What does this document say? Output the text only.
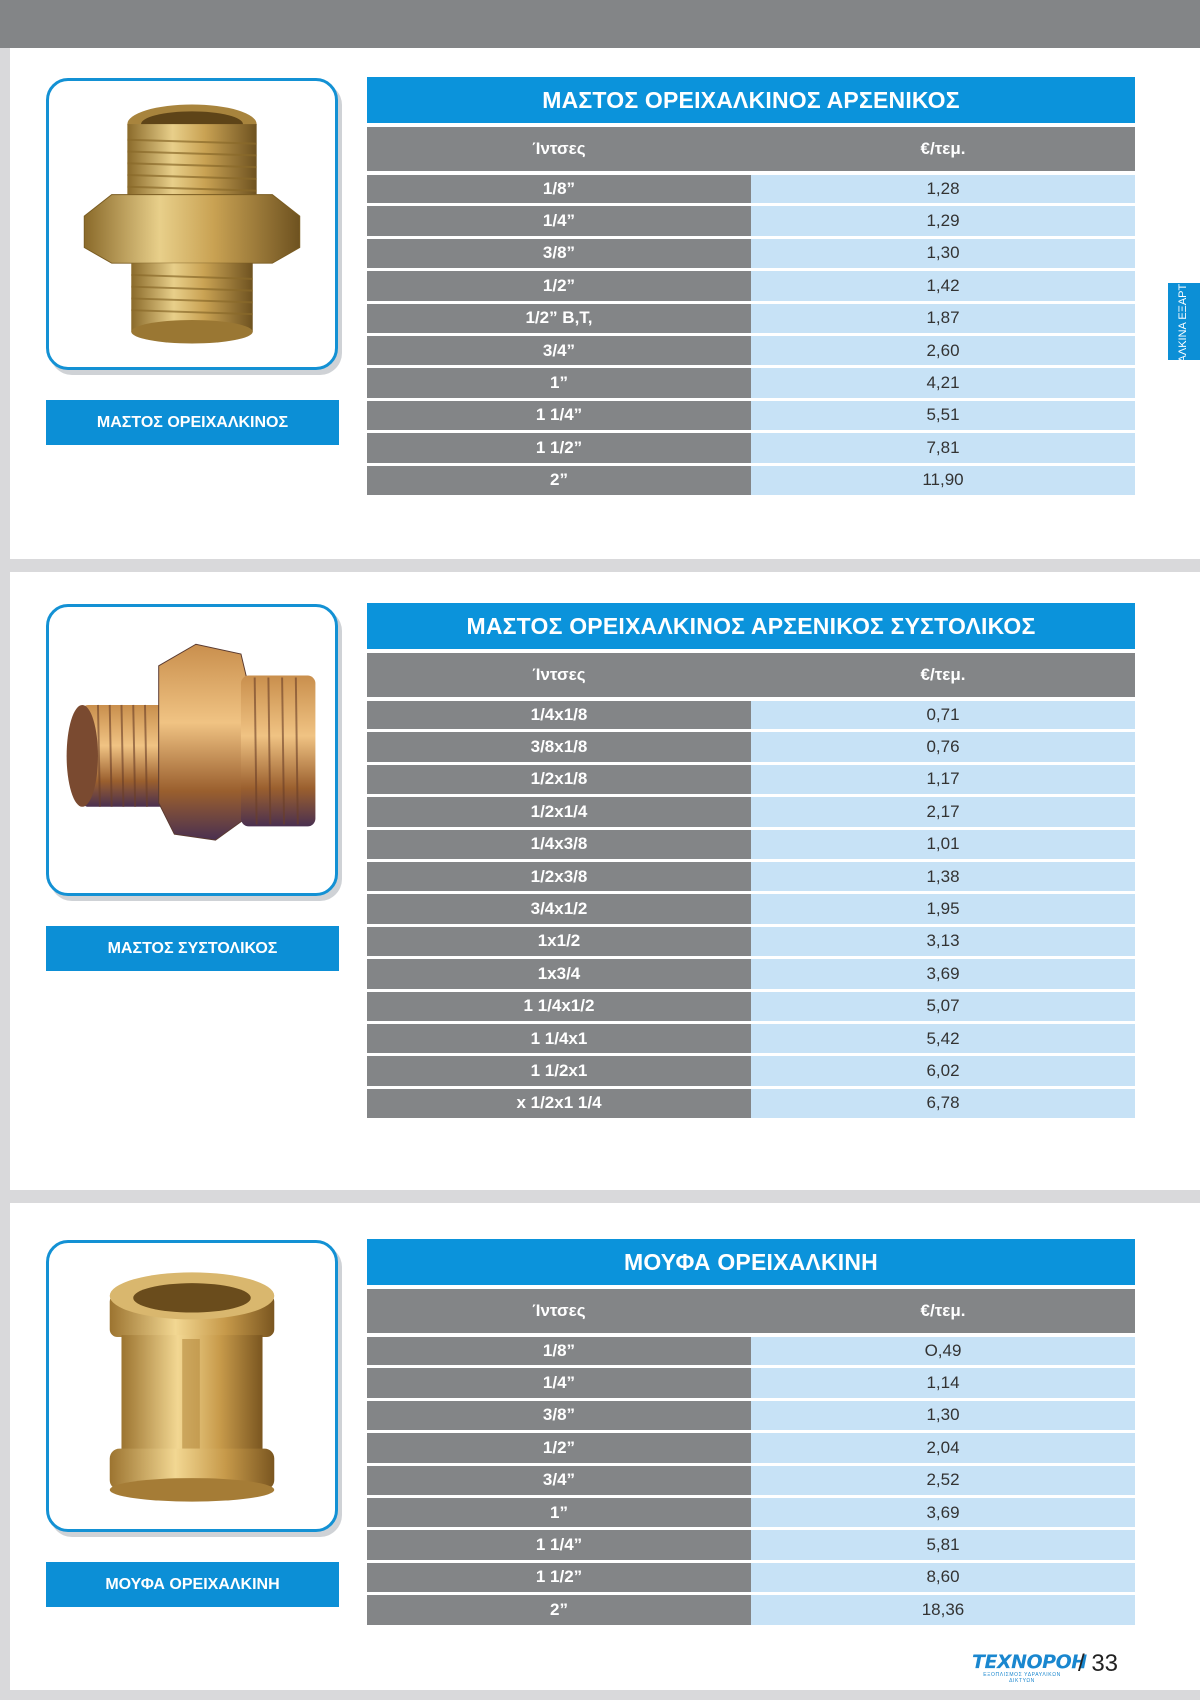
ΜΑΣΤΟΣ ΟΡΕΙΧΑΛΚΙΝΟΣ
ΜΑΣΤΟΣ ΟΡΕΙΧΑΛΚΙΝΟΣ ΑΡΣΕΝΙΚΟΣ
Ίντσες	€/τεμ.
1/8”	1,28
1/4”	1,29
3/8”	1,30
1/2”	1,42
1/2” Β,Τ,	1,87
3/4”	2,60
1”	4,21
1 1/4”	5,51
1 1/2”	7,81
2”	11,90
ΜΑΣΤΟΣ ΣΥΣΤΟΛΙΚΟΣ
ΜΑΣΤΟΣ ΟΡΕΙΧΑΛΚΙΝΟΣ ΑΡΣΕΝΙΚΟΣ ΣΥΣΤΟΛΙΚΟΣ
Ίντσες	€/τεμ.
1/4x1/8	0,71
3/8x1/8	0,76
1/2x1/8	1,17
1/2x1/4	2,17
1/4x3/8	1,01
1/2x3/8	1,38
3/4x1/2	1,95
1x1/2	3,13
1x3/4	3,69
1 1/4x1/2	5,07
1 1/4x1	5,42
1 1/2x1	6,02
x 1/2x1 1/4	6,78
ΜΟΥΦΑ ΟΡΕΙΧΑΛΚΙΝΗ
ΜΟΥΦΑ ΟΡΕΙΧΑΛΚΙΝΗ
Ίντσες	€/τεμ.
1/8”	Ο,49
1/4”	1,14
3/8”	1,30
1/2”	2,04
3/4”	2,52
1”	3,69
1 1/4”	5,81
1 1/2”	8,60
2”	18,36
ΟΡΕΙΧΑΛΚΙΝΑ ΕΞΑΡΤΗΜΑΤΑ
ΤΕΧΝΟΡΟΗ
ΕΞΟΠΛΙΣΜΟΣ ΥΔΡΑΥΛΙΚΩΝ ΔΙΚΤΥΩΝ
/ 33
